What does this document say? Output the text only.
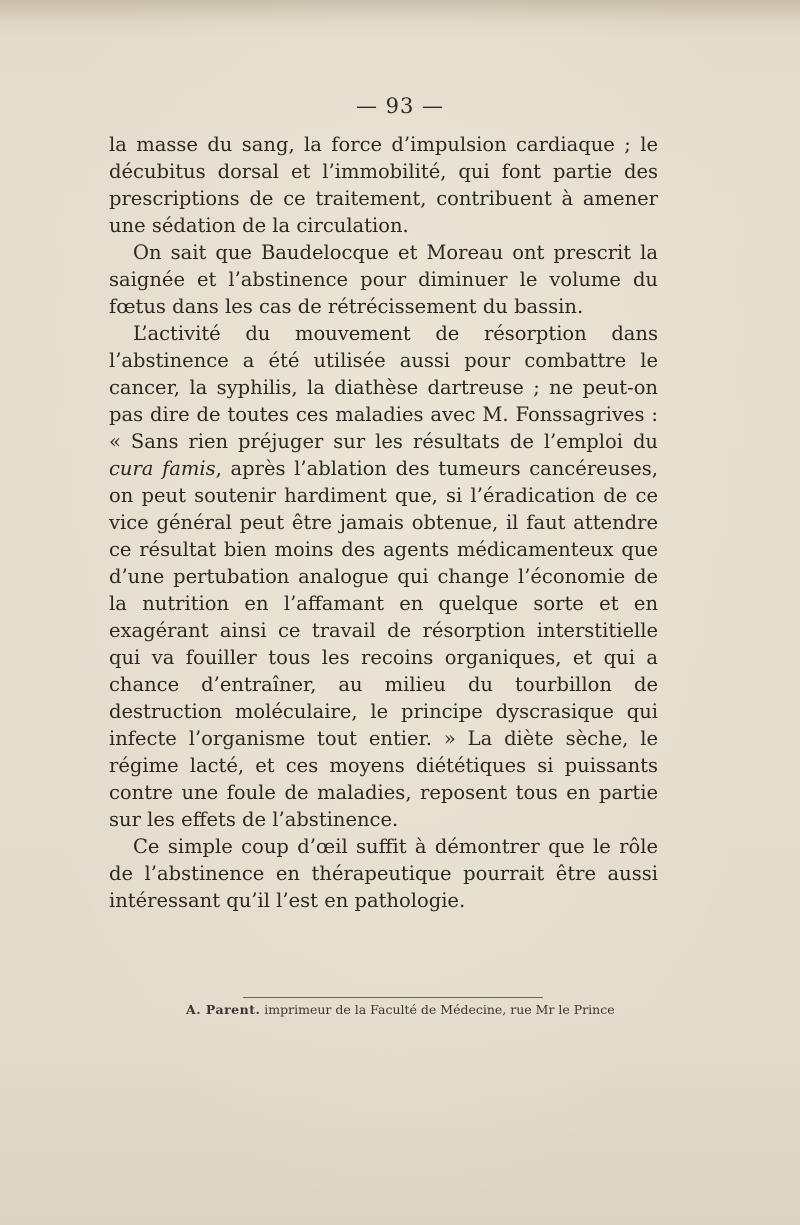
— 93 —

la masse du sang, la force d’impulsion cardiaque ; le décubitus dorsal et l’immobilité, qui font partie des prescriptions de ce traitement, contribuent à amener une sédation de la circulation.

On sait que Baudelocque et Moreau ont prescrit la saignée et l’abstinence pour diminuer le volume du fœtus dans les cas de rétrécissement du bassin.

L’activité du mouvement de résorption dans l’abstinence a été utilisée aussi pour combattre le cancer, la syphilis, la diathèse dartreuse ; ne peut-on pas dire de toutes ces maladies avec M. Fonssagrives : « Sans rien préjuger sur les résultats de l’emploi du cura famis, après l’ablation des tumeurs cancéreuses, on peut soutenir hardiment que, si l’éradication de ce vice général peut être jamais obtenue, il faut attendre ce résultat bien moins des agents médicamenteux que d’une pertubation analogue qui change l’économie de la nutrition en l’affamant en quelque sorte et en exagérant ainsi ce travail de résorption interstitielle qui va fouiller tous les recoins organiques, et qui a chance d’entraîner, au milieu du tourbillon de destruction moléculaire, le principe dyscrasique qui infecte l’organisme tout entier. » La diète sèche, le régime lacté, et ces moyens diététiques si puissants contre une foule de maladies, reposent tous en partie sur les effets de l’abstinence.

Ce simple coup d’œil suffit à démontrer que le rôle de l’abstinence en thérapeutique pourrait être aussi intéressant qu’il l’est en pathologie.

A. Parent. imprimeur de la Faculté de Médecine, rue Mr le Prince
